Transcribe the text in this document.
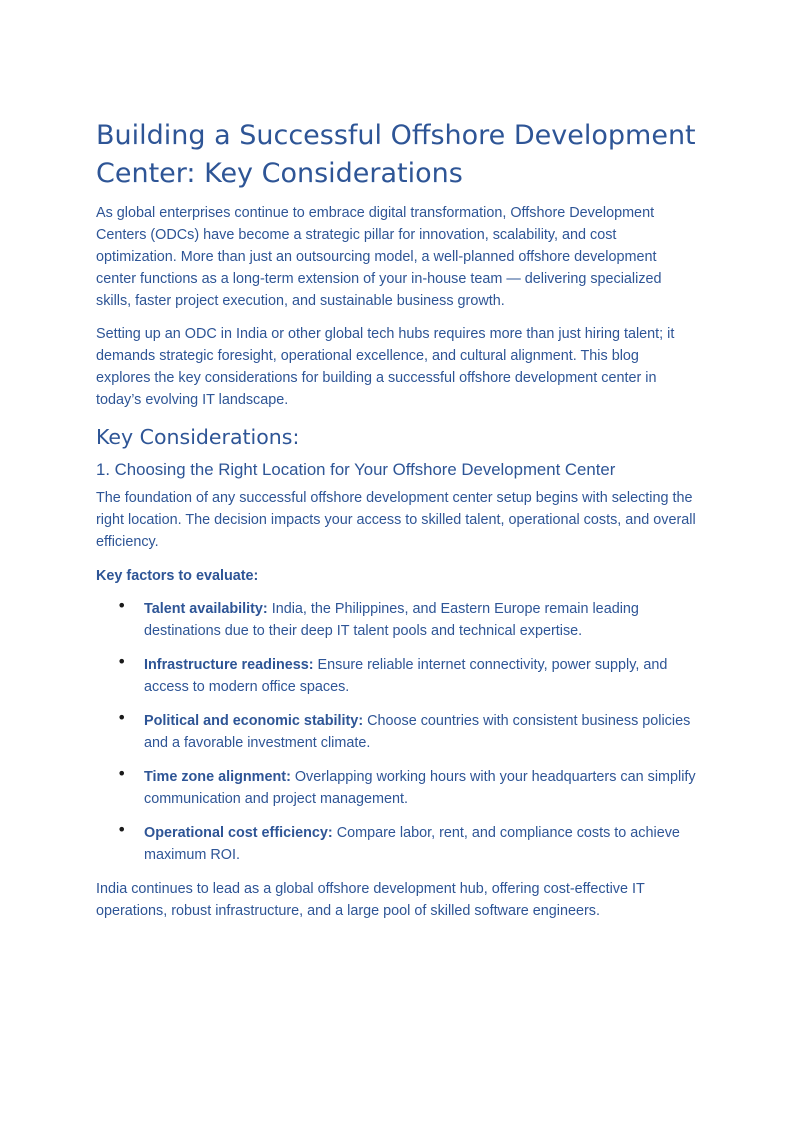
Building a Successful Offshore Development Center: Key Considerations

As global enterprises continue to embrace digital transformation, Offshore Development Centers (ODCs) have become a strategic pillar for innovation, scalability, and cost optimization. More than just an outsourcing model, a well-planned offshore development center functions as a long-term extension of your in-house team — delivering specialized skills, faster project execution, and sustainable business growth.

Setting up an ODC in India or other global tech hubs requires more than just hiring talent; it demands strategic foresight, operational excellence, and cultural alignment. This blog explores the key considerations for building a successful offshore development center in today’s evolving IT landscape.

Key Considerations:
1. Choosing the Right Location for Your Offshore Development Center

The foundation of any successful offshore development center setup begins with selecting the right location. The decision impacts your access to skilled talent, operational costs, and overall efficiency.

Key factors to evaluate:

• Talent availability: India, the Philippines, and Eastern Europe remain leading destinations due to their deep IT talent pools and technical expertise.
• Infrastructure readiness: Ensure reliable internet connectivity, power supply, and access to modern office spaces.
• Political and economic stability: Choose countries with consistent business policies and a favorable investment climate.
• Time zone alignment: Overlapping working hours with your headquarters can simplify communication and project management.
• Operational cost efficiency: Compare labor, rent, and compliance costs to achieve maximum ROI.

India continues to lead as a global offshore development hub, offering cost-effective IT operations, robust infrastructure, and a large pool of skilled software engineers.
